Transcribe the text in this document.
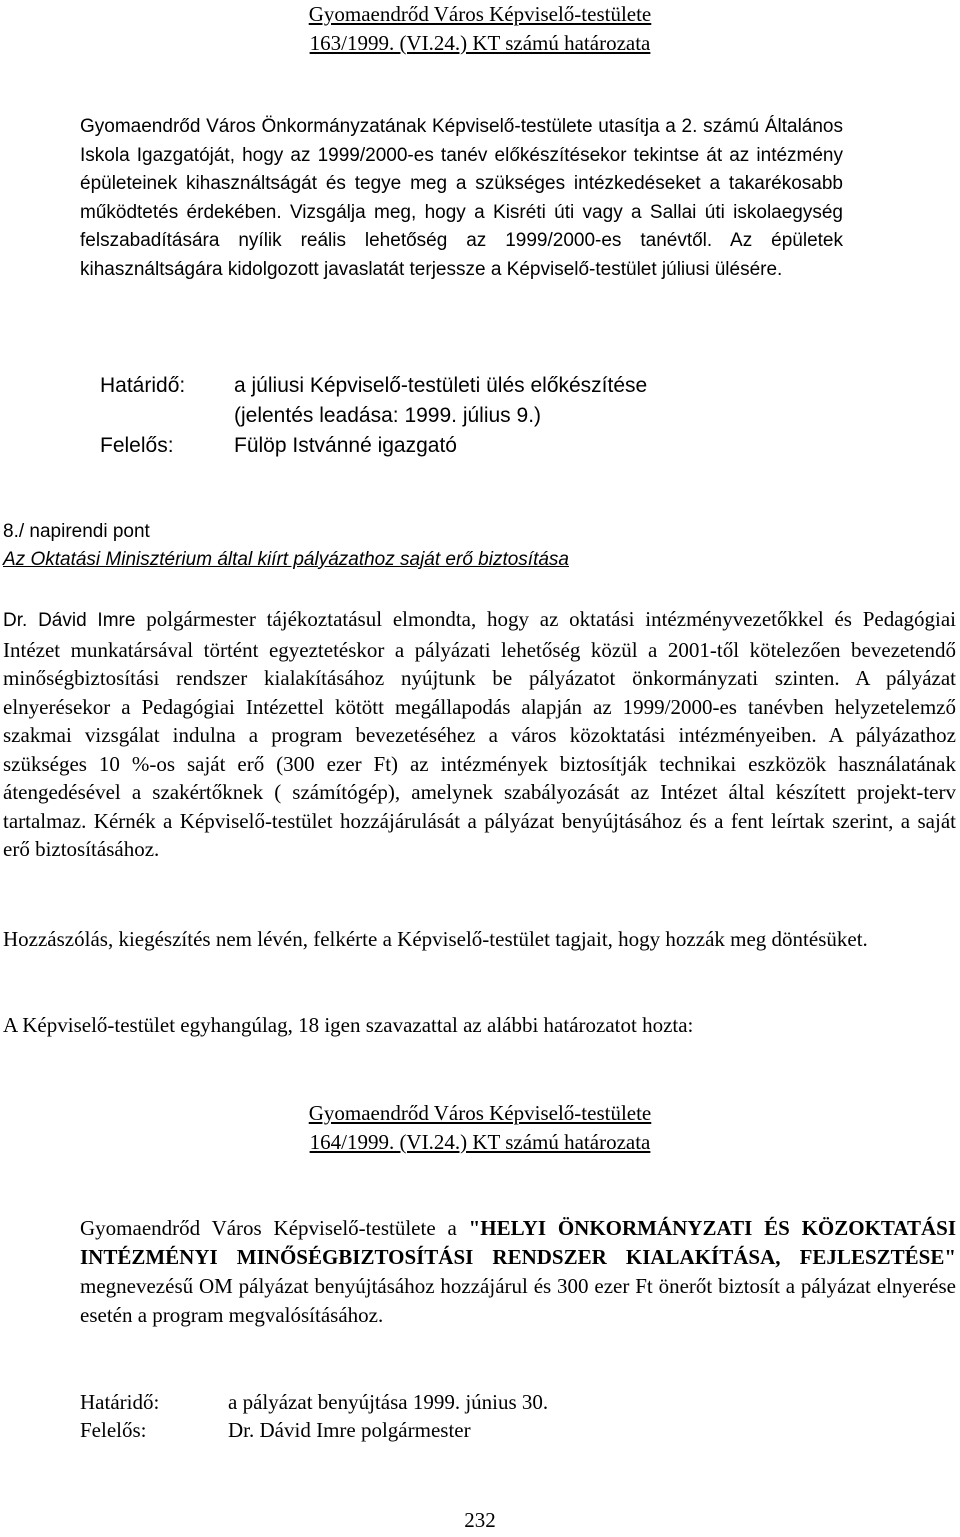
Gyomaendrőd Város Képviselő-testülete
163/1999. (VI.24.) KT számú határozata

Gyomaendrőd Város Önkormányzatának Képviselő-testülete utasítja a 2. számú Általános Iskola Igazgatóját, hogy az 1999/2000-es tanév előkészítésekor tekintse át az intézmény épületeinek kihasználtságát és tegye meg a szükséges intézkedéseket a takarékosabb működtetés érdekében. Vizsgálja meg, hogy a Kisréti úti vagy a Sallai úti iskolaegység felszabadítására nyílik reális lehetőség az 1999/2000-es tanévtől. Az épületek kihasználtságára kidolgozott javaslatát terjessze a Képviselő-testület júliusi ülésére.

Határidő: a júliusi Képviselő-testületi ülés előkészítése
(jelentés leadása: 1999. július 9.)
Felelős:	Fülöp Istvánné igazgató
8./ napirendi pont
Az Oktatási Minisztérium által kiírt pályázathoz saját erő biztosítása

Dr. Dávid Imre polgármester tájékoztatásul elmondta, hogy az oktatási intézményvezetőkkel és Pedagógiai Intézet munkatársával történt egyeztetéskor a pályázati lehetőség közül a 2001-től kötelezően bevezetendő minőségbiztosítási rendszer kialakításához nyújtunk be pályázatot önkormányzati szinten. A pályázat elnyerésekor a Pedagógiai Intézettel kötött megállapodás alapján az 1999/2000-es tanévben helyzetelemző szakmai vizsgálat indulna a program bevezetéséhez a város közoktatási intézményeiben. A pályázathoz szükséges 10 %-os saját erő (300 ezer Ft) az intézmények biztosítják technikai eszközök használatának átengedésével a szakértőknek ( számítógép), amelynek szabályozását az Intézet által készített projekt-terv tartalmaz. Kérnék a Képviselő-testület hozzájárulását a pályázat benyújtásához és a fent leírtak szerint, a saját erő biztosításához.

Hozzászólás, kiegészítés nem lévén, felkérte a Képviselő-testület tagjait, hogy hozzák meg döntésüket.

A Képviselő-testület egyhangúlag, 18 igen szavazattal az alábbi határozatot hozta:

Gyomaendrőd Város Képviselő-testülete
164/1999. (VI.24.) KT számú határozata

Gyomaendrőd Város Képviselő-testülete a "HELYI ÖNKORMÁNYZATI ÉS KÖZOKTATÁSI INTÉZMÉNYI MINŐSÉGBIZTOSÍTÁSI RENDSZER KIALAKÍTÁSA, FEJLESZTÉSE" megnevezésű OM pályázat benyújtásához hozzájárul és 300 ezer Ft önerőt biztosít a pályázat elnyerése esetén a program megvalósításához.

Határidő:	a pályázat benyújtása 1999. június 30.
Felelős:	Dr. Dávid Imre polgármester
232
